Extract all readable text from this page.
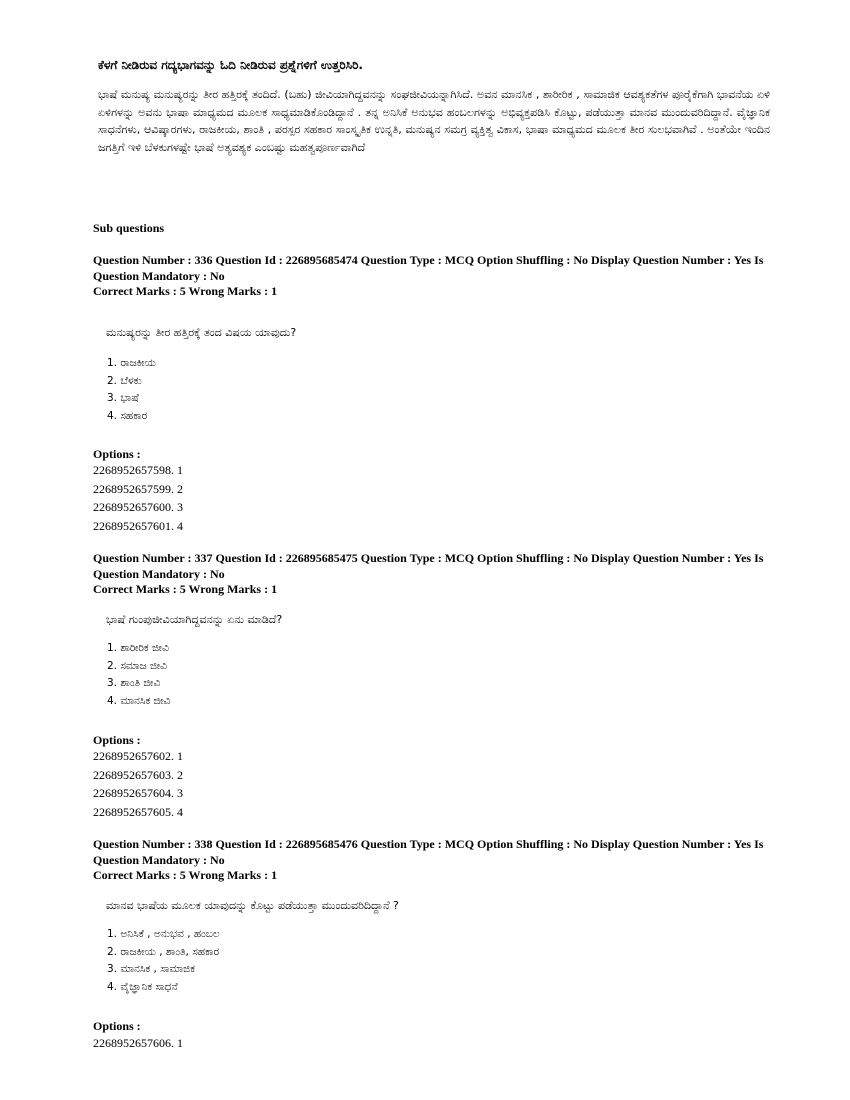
ಕೆಳಗೆ ನೀಡಿರುವ ಗದ್ಯಭಾಗವನ್ನು ಓದಿ ನೀಡಿರುವ ಪ್ರಶ್ನೆಗಳಿಗೆ ಉತ್ತರಿಸಿರಿ.
ಭಾಷೆ ಮನುಷ್ಯ ಮನುಷ್ಯರನ್ನು ತೀರ ಹತ್ತಿರಕ್ಕೆ ತಂದಿದೆ. (ಬಹು) ಜೀವಿಯಾಗಿದ್ದವನನ್ನು ಸಂಘಜೀವಿಯನ್ನಾಗಿಸಿದೆ. ಅವನ ಮಾನಸಿಕ , ಶಾರೀರಿಕ , ಸಾಮಾಜಿಕ ಆವಶ್ಯಕತೆಗಳ ಪೂರೈಕೆಗಾಗಿ ಭಾವನೆಯ ಏಳಿ ಏಳಿಗಳನ್ನು ಅವನು ಭಾಷಾ ಮಾಧ್ಯಮದ ಮೂಲಕ ಸಾಧ್ಯಮಾಡಿಕೊಂಡಿದ್ದಾನೆ . ತನ್ನ ಅನಿಸಿಕೆ ಅನುಭವ ಹಂಬಲಗಳನ್ನು ಅಭಿವ್ಯಕ್ತಪಡಿಸಿ ಕೊಟ್ಟು, ಪಡೆಯುತ್ತಾ ಮಾನವ ಮುಂದುವರಿದಿದ್ದಾನೆ. ವೈಜ್ಞಾನಿಕ ಸಾಧನೆಗಳು, ಆವಿಷ್ಕಾರಗಳು, ರಾಜಕೀಯ, ಶಾಂತಿ , ಪರಸ್ಪರ ಸಹಕಾರ ಸಾಂಸ್ಕೃತಿಕ ಉನ್ನತಿ, ಮನುಷ್ಯನ ಸಮಗ್ರ ವ್ಯಕ್ತಿತ್ವ ವಿಕಾಸ, ಭಾಷಾ ಮಾಧ್ಯಮದ ಮೂಲಕ ತೀರ ಸುಲಭವಾಗಿವೆ . ಅಂತೆಯೇ ಇಂದಿನ ಜಗತ್ತಿಗೆ ಇಳಿ ಬೆಳಕುಗಳಷ್ಟೇ ಭಾಷೆ ಅತ್ಯವಶ್ಯಕ ಎಂಬಷ್ಟು ಮಹತ್ವಪೂರ್ಣವಾಗಿದೆ
Sub questions
Question Number : 336 Question Id : 226895685474 Question Type : MCQ Option Shuffling : No Display Question Number : Yes Is
Question Mandatory : No
Correct Marks : 5 Wrong Marks : 1
ಮನುಷ್ಯರನ್ನು ತೀರ ಹತ್ತಿರಕ್ಕೆ ತಂದ ವಿಷಯ ಯಾವುದು?
1. ರಾಜಕೀಯ
2. ಬೆಳಕು
3. ಭಾಷೆ
4. ಸಹಕಾರ
Options :
2268952657598. 1
2268952657599. 2
2268952657600. 3
2268952657601. 4
Question Number : 337 Question Id : 226895685475 Question Type : MCQ Option Shuffling : No Display Question Number : Yes Is
Question Mandatory : No
Correct Marks : 5 Wrong Marks : 1
ಭಾಷೆ ಗುಂಪುಜೀವಿಯಾಗಿದ್ದವನನ್ನು ಏನು ಮಾಡಿದೆ?
1. ಶಾರೀರಿಕ ಜೀವಿ
2. ಸಮಾಜ ಜೀವಿ
3. ಶಾಂತಿ ಜೀವಿ
4. ಮಾನಸಿಕ ಜೀವಿ
Options :
2268952657602. 1
2268952657603. 2
2268952657604. 3
2268952657605. 4
Question Number : 338 Question Id : 226895685476 Question Type : MCQ Option Shuffling : No Display Question Number : Yes Is
Question Mandatory : No
Correct Marks : 5 Wrong Marks : 1
ಮಾನವ ಭಾಷೆಯ ಮೂಲಕ ಯಾವುದನ್ನು ಕೊಟ್ಟು ಪಡೆಯುತ್ತಾ ಮುಂದುವರಿದಿದ್ದಾನೆ ?
1. ಅನಿಸಿಕೆ , ಅನುಭವ , ಹಂಬಲ
2. ರಾಜಕೀಯ , ಶಾಂತಿ, ಸಹಕಾರ
3. ಮಾನಸಿಕ , ಸಾಮಾಜಿಕ
4. ವೈಜ್ಞಾನಿಕ ಸಾಧನೆ
Options :
2268952657606. 1
